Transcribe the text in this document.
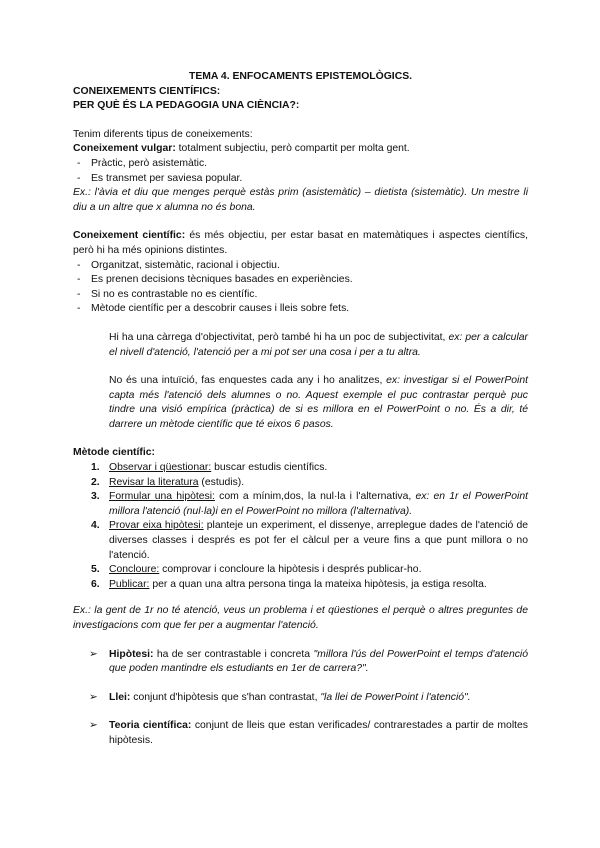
TEMA 4. ENFOCAMENTS EPISTEMOLÒGICS.

CONEIXEMENTS CIENTÍFICS:

PER QUÈ ÉS LA PEDAGOGIA UNA CIÈNCIA?:

Tenim diferents tipus de coneixements:

Coneixement vulgar: totalment subjectiu, però compartit per molta gent.

- Pràctic, però asistemàtic.
- Es transmet per saviesa popular.

Ex.: l'àvia et diu que menges perquè estàs prim (asistemàtic) – dietista (sistemàtic). Un mestre li diu a un altre que x alumna no és bona.

Coneixement científic: és més objectiu, per estar basat en matemàtiques i aspectes científics, però hi ha més opinions distintes.

- Organitzat, sistemàtic, racional i objectiu.
- Es prenen decisions tècniques basades en experiències.
- Si no es contrastable no es científic.
- Mètode científic per a descobrir causes i lleis sobre fets.

Hi ha una càrrega d'objectivitat, però també hi ha un poc de subjectivitat, ex: per a calcular el nivell d'atenció, l'atenció per a mi pot ser una cosa i per a tu altra.

No és una intuïció, fas enquestes cada any i ho analitzes, ex: investigar si el PowerPoint capta més l'atenció dels alumnes o no. Aquest exemple el puc contrastar perquè puc tindre una visió empírica (pràctica) de si es millora en el PowerPoint o no. És a dir, té darrere un mètode científic que té eixos 6 pasos.

Mètode científic:

1. Observar i qüestionar: buscar estudis científics.
2. Revisar la literatura (estudis).
3. Formular una hipòtesi: com a mínim,dos, la nul·la i l'alternativa, ex: en 1r el PowerPoint millora l'atenció (nul·la)i en el PowerPoint no millora (l'alternativa).
4. Provar eixa hipòtesi: planteje un experiment, el dissenye, arreplegue dades de l'atenció de diverses classes i després es pot fer el càlcul per a veure fins a que punt millora o no l'atenció.
5. Concloure: comprovar i concloure la hipòtesis i després publicar-ho.
6. Publicar: per a quan una altra persona tinga la mateixa hipòtesis, ja estiga resolta.

Ex.: la gent de 1r no té atenció, veus un problema i et qüestiones el perquè o altres preguntes de investigacions com que fer per a augmentar l'atenció.

➢ Hipòtesi: ha de ser contrastable i concreta "millora l'ús del PowerPoint el temps d'atenció que poden mantindre els estudiants en 1er de carrera?".
➢ Llei: conjunt d'hipòtesis que s'han contrastat, "la llei de PowerPoint i l'atenció".
➢ Teoria científica: conjunt de lleis que estan verificades/ contrarestades a partir de moltes hipòtesis.
